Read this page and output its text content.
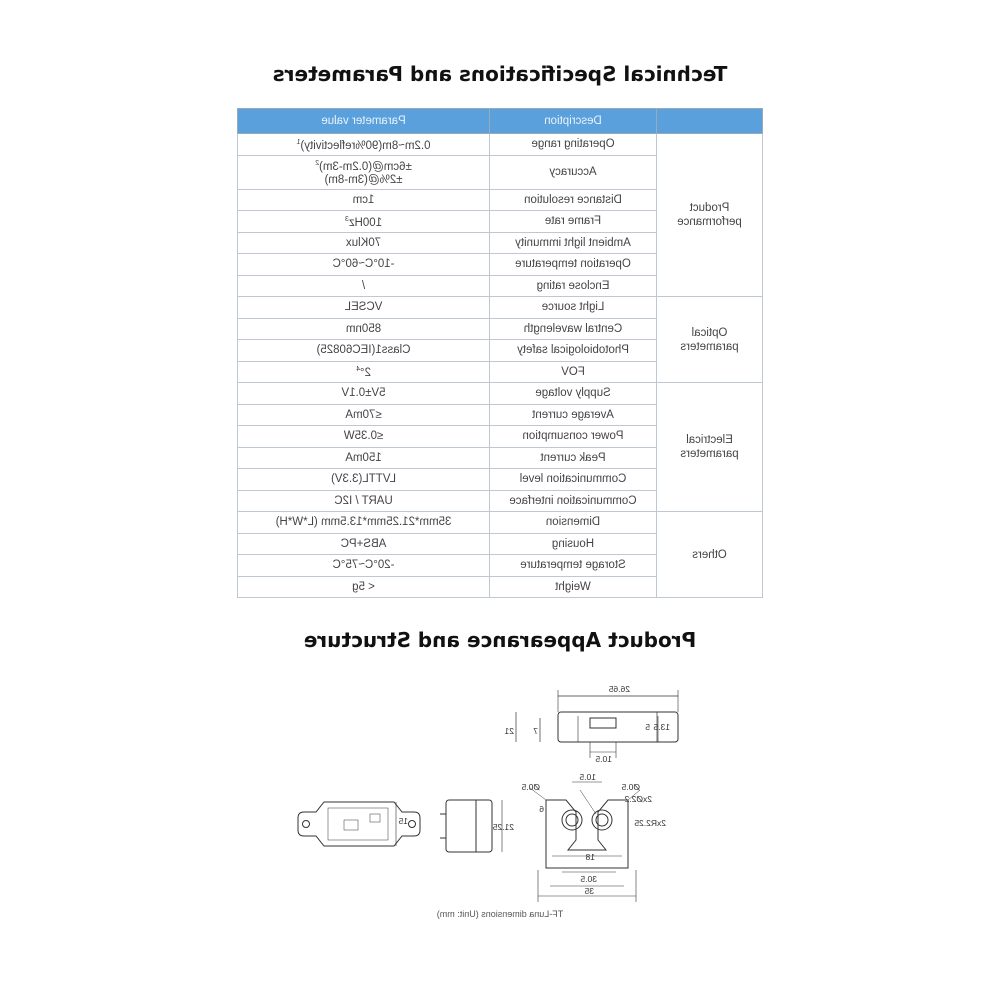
Technical Specifications and Parameters
	Description	Parameter value
Product performance	Operating range	0.2m~8m(90%reflectivity)$^1$
	Accuracy	$\pm 6cm@(0.2m-3m)^2$
±2%@(3m-8m)
	Distance resolution	1cm
	Frame rate	100Hz$^3$
	Ambient light immunity	70Klux
	Operation temperature	-10°C~60°C
	Enclose rating	/
Optical parameters	Light source	VCSEL
	Central wavelength	850nm
	Photobiological safety	Class1(IEC60825)
	FOV	2°$^4$
Electrical parameters	Supply voltage	5V±0.1V
	Average current	≤70mA
	Power consumption	≤0.35W
	Peak current	150mA
	Communication level	LVTTL(3.3V)
	Communication interface	UART / I2C
Others	Dimension	35mm*21.25mm*13.5mm (L*W*H)
	Housing	ABS+PC
	Storage temperature	-20°C~75°C
	Weight	< 5g
Product Appearance and Structure
26.65
10.5
5 13.5
7
21
10.5
Ø0.5
Ø0.5
2xØ2.2
2xR2.25
6
18
30.5
35
21.25
15
TF-Luna dimensions (Unit: mm)
